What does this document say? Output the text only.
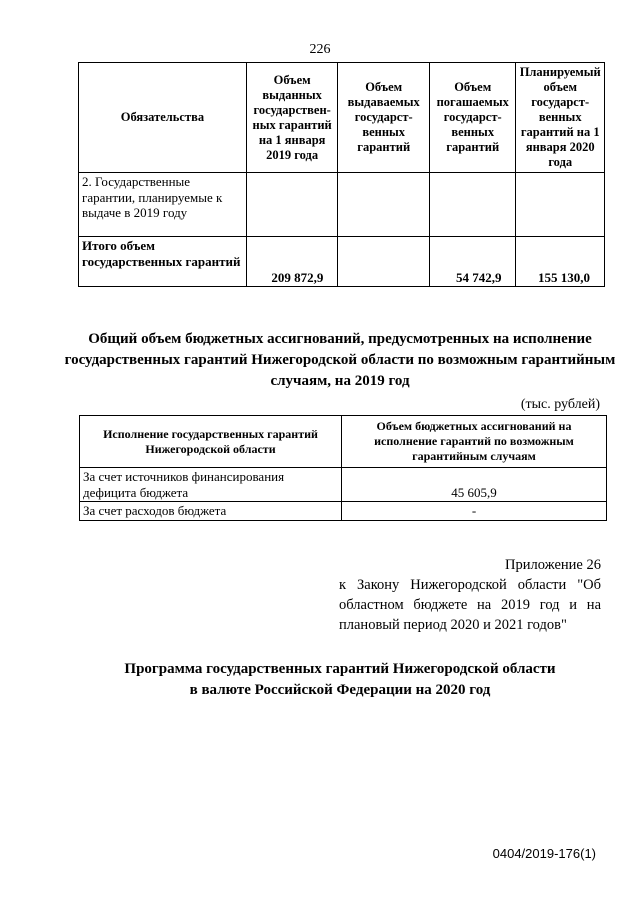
226
Обязательства	Объем выданных государствен-ных гарантий на 1 января 2019 года	Объем выдаваемых государст-венных гарантий	Объем погашаемых государст-венных гарантий	Планируемый объем государст-венных гарантий на 1 января 2020 года
2. Государственные гарантии, планируемые к выдаче в 2019 году				
Итого объем государственных гарантий	209 872,9		54 742,9	155 130,0
Общий объем бюджетных ассигнований, предусмотренных на исполнение государственных гарантий Нижегородской области по возможным гарантийным случаям, на 2019 год
(тыс. рублей)
Исполнение государственных гарантий Нижегородской области	Объем бюджетных ассигнований на исполнение гарантий по возможным гарантийным случаям
За счет источников финансирования дефицита бюджета	45 605,9
За счет расходов бюджета	-
Приложение 26
к Закону Нижегородской области "Об
областном бюджете на 2019 год и на
плановый период 2020 и 2021 годов"
Программа государственных гарантий Нижегородской области
в валюте Российской Федерации на 2020 год
0404/2019-176(1)
